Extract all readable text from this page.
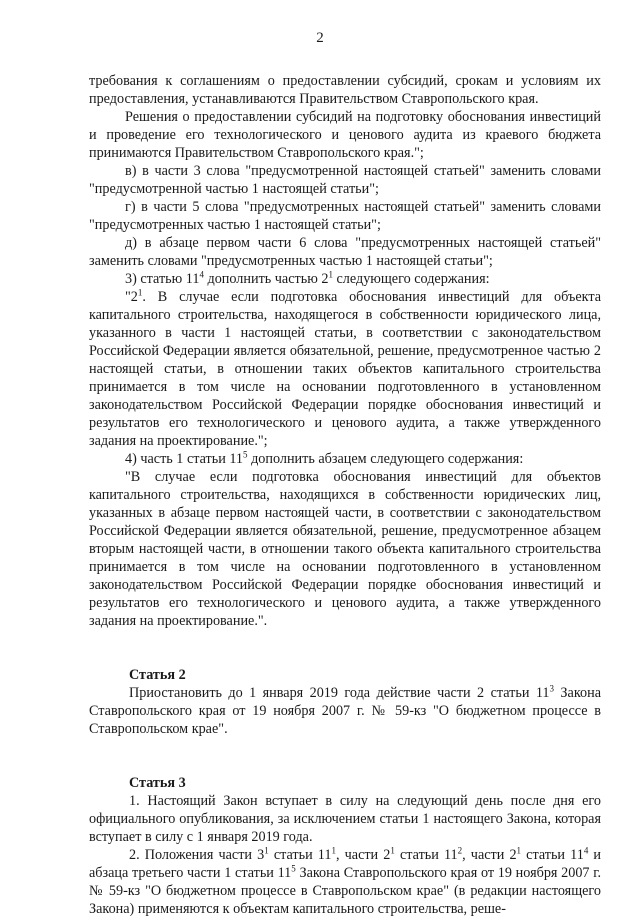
2

требования к соглашениям о предоставлении субсидий, срокам и условиям их предоставления, устанавливаются Правительством Ставропольского края.

Решения о предоставлении субсидий на подготовку обоснования инвестиций и проведение его технологического и ценового аудита из краевого бюджета принимаются Правительством Ставропольского края.";

в) в части 3 слова "предусмотренной настоящей статьей" заменить словами "предусмотренной частью 1 настоящей статьи";

г) в части 5 слова "предусмотренных настоящей статьей" заменить словами "предусмотренных частью 1 настоящей статьи";

д) в абзаце первом части 6 слова "предусмотренных настоящей статьей" заменить словами "предусмотренных частью 1 настоящей статьи";

3) статью $11^4$ дополнить частью $2^1$ следующего содержания:

"$2^1$. В случае если подготовка обоснования инвестиций для объекта капитального строительства, находящегося в собственности юридического лица, указанного в части 1 настоящей статьи, в соответствии с законодательством Российской Федерации является обязательной, решение, предусмотренное частью 2 настоящей статьи, в отношении таких объектов капитального строительства принимается в том числе на основании подготовленного в установленном законодательством Российской Федерации порядке обоснования инвестиций и результатов его технологического и ценового аудита, а также утвержденного задания на проектирование.";

4) часть 1 статьи $11^5$ дополнить абзацем следующего содержания:

"В случае если подготовка обоснования инвестиций для объектов капитального строительства, находящихся в собственности юридических лиц, указанных в абзаце первом настоящей части, в соответствии с законодательством Российской Федерации является обязательной, решение, предусмотренное абзацем вторым настоящей части, в отношении такого объекта капитального строительства принимается в том числе на основании подготовленного в установленном законодательством Российской Федерации порядке обоснования инвестиций и результатов его технологического и ценового аудита, а также утвержденного задания на проектирование.".

Статья 2

Приостановить до 1 января 2019 года действие части 2 статьи $11^3$ Закона Ставропольского края от 19 ноября 2007 г. № 59-кз "О бюджетном процессе в Ставропольском крае".

Статья 3

1. Настоящий Закон вступает в силу на следующий день после дня его официального опубликования, за исключением статьи 1 настоящего Закона, которая вступает в силу с 1 января 2019 года.

2. Положения части $3^1$ статьи $11^1$, части $2^1$ статьи $11^2$, части $2^1$ статьи $11^4$ и абзаца третьего части 1 статьи $11^5$ Закона Ставропольского края от 19 ноября 2007 г. № 59-кз "О бюджетном процессе в Ставропольском крае" (в редакции настоящего Закона) применяются к объектам капитального строительства, реше-
